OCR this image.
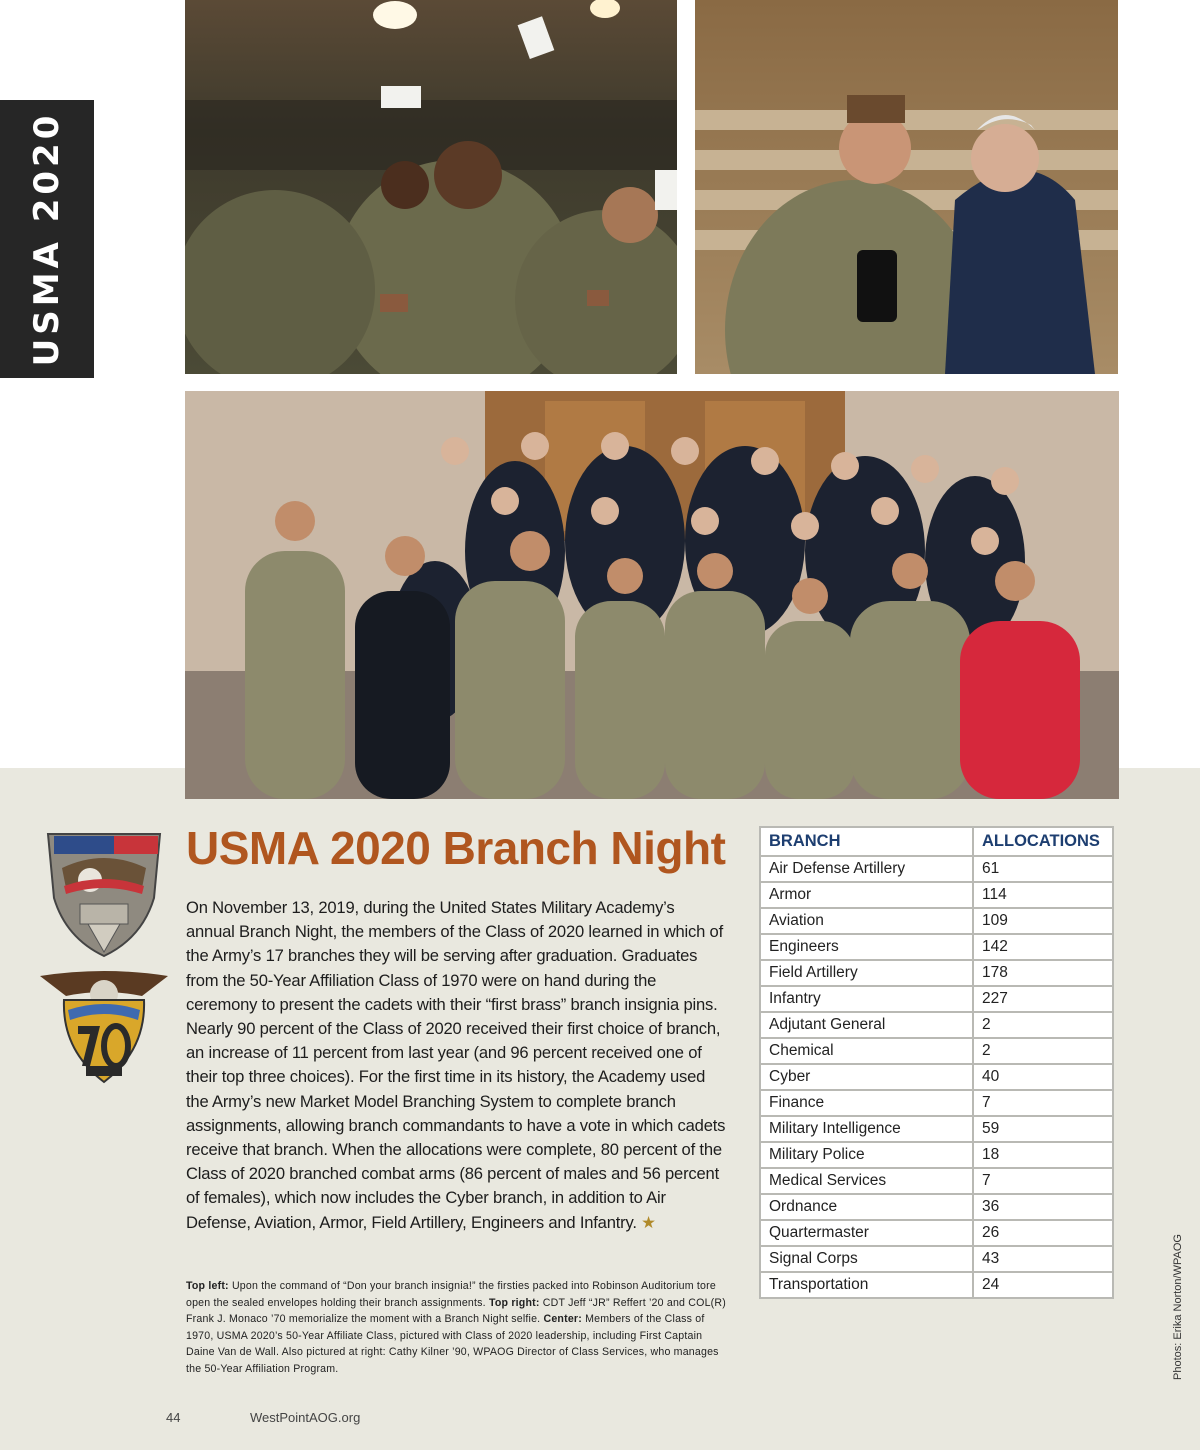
USMA 2020
USMA 2020 Branch Night
On November 13, 2019, during the United States Military Academy’s annual Branch Night, the members of the Class of 2020 learned in which of the Army’s 17 branches they will be serving after graduation. Graduates from the 50-Year Affiliation Class of 1970 were on hand during the ceremony to present the cadets with their “first brass” branch insignia pins. Nearly 90 percent of the Class of 2020 received their first choice of branch, an increase of 11 percent from last year (and 96 percent received one of their top three choices). For the first time in its history, the Academy used the Army’s new Market Model Branching System to complete branch assignments, allowing branch commandants to have a vote in which cadets receive that branch. When the allocations were complete, 80 percent of the Class of 2020 branched combat arms (86 percent of males and 56 percent of females), which now includes the Cyber branch, in addition to Air Defense, Aviation, Armor, Field Artillery, Engineers and Infantry. ★
Top left: Upon the command of “Don your branch insignia!” the firsties packed into Robinson Auditorium tore open the sealed envelopes holding their branch assignments. Top right: CDT Jeff “JR” Reffert ’20 and COL(R) Frank J. Monaco ’70 memorialize the moment with a Branch Night selfie. Center: Members of the Class of 1970, USMA 2020’s 50-Year Affiliate Class, pictured with Class of 2020 leadership, including First Captain Daine Van de Wall. Also pictured at right: Cathy Kilner ’90, WPAOG Director of Class Services, who manages the 50-Year Affiliation Program.
BRANCH	ALLOCATIONS
Air Defense Artillery	61
Armor	114
Aviation	109
Engineers	142
Field Artillery	178
Infantry	227
Adjutant General	2
Chemical	2
Cyber	40
Finance	7
Military Intelligence	59
Military Police	18
Medical Services	7
Ordnance	36
Quartermaster	26
Signal Corps	43
Transportation	24	Photos: Erika Norton/WPAOG
44	WestPointAOG.org
